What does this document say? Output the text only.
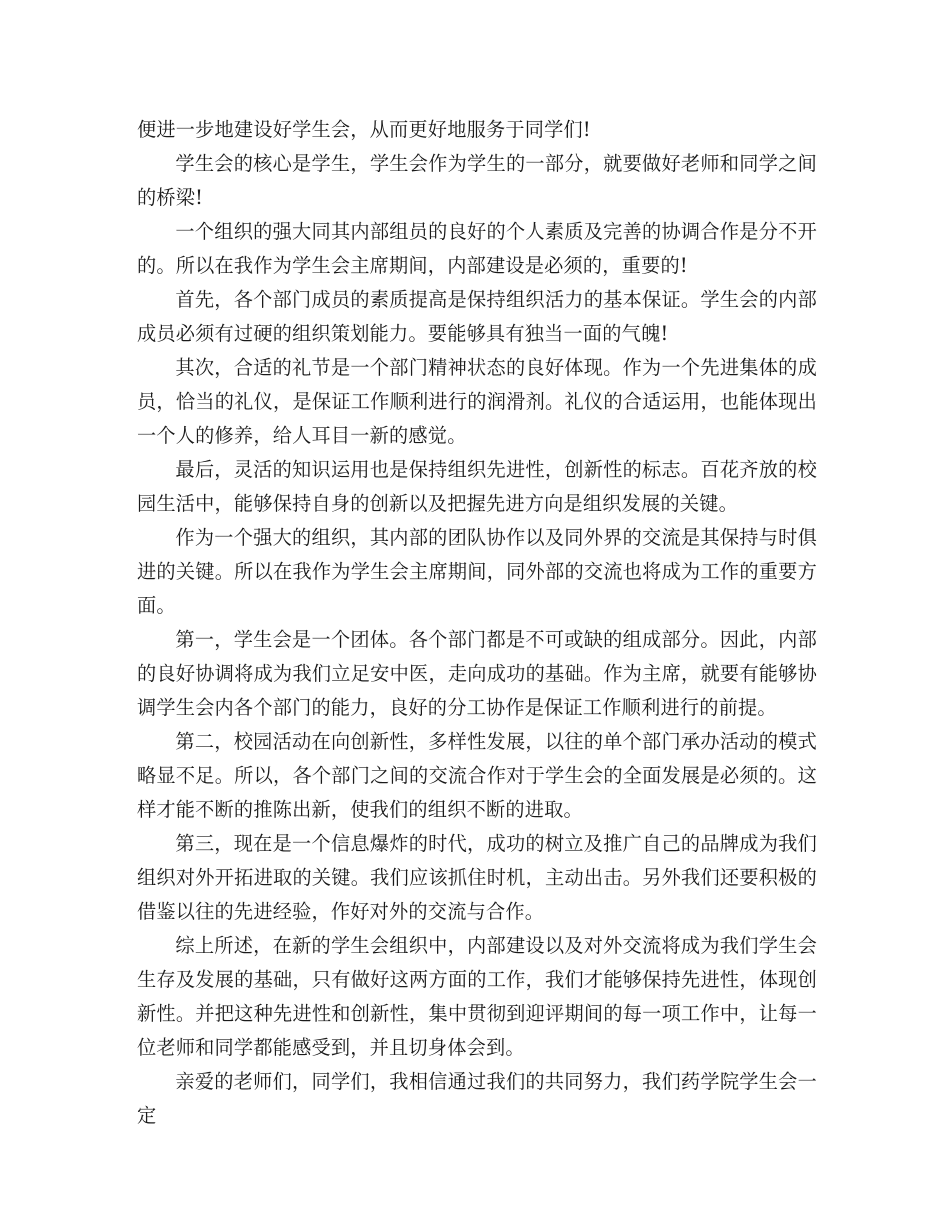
便进一步地建设好学生会，从而更好地服务于同学们!

学生会的核心是学生，学生会作为学生的一部分，就要做好老师和同学之间的桥梁!

一个组织的强大同其内部组员的良好的个人素质及完善的协调合作是分不开的。所以在我作为学生会主席期间，内部建设是必须的，重要的!

首先，各个部门成员的素质提高是保持组织活力的基本保证。学生会的内部成员必须有过硬的组织策划能力。要能够具有独当一面的气魄!

其次，合适的礼节是一个部门精神状态的良好体现。作为一个先进集体的成员，恰当的礼仪，是保证工作顺利进行的润滑剂。礼仪的合适运用，也能体现出一个人的修养，给人耳目一新的感觉。

最后，灵活的知识运用也是保持组织先进性，创新性的标志。百花齐放的校园生活中，能够保持自身的创新以及把握先进方向是组织发展的关键。

作为一个强大的组织，其内部的团队协作以及同外界的交流是其保持与时俱进的关键。所以在我作为学生会主席期间，同外部的交流也将成为工作的重要方面。

第一，学生会是一个团体。各个部门都是不可或缺的组成部分。因此，内部的良好协调将成为我们立足安中医，走向成功的基础。作为主席，就要有能够协调学生会内各个部门的能力，良好的分工协作是保证工作顺利进行的前提。

第二，校园活动在向创新性，多样性发展，以往的单个部门承办活动的模式略显不足。所以，各个部门之间的交流合作对于学生会的全面发展是必须的。这样才能不断的推陈出新，使我们的组织不断的进取。

第三，现在是一个信息爆炸的时代，成功的树立及推广自己的品牌成为我们组织对外开拓进取的关键。我们应该抓住时机，主动出击。另外我们还要积极的借鉴以往的先进经验，作好对外的交流与合作。

综上所述，在新的学生会组织中，内部建设以及对外交流将成为我们学生会生存及发展的基础，只有做好这两方面的工作，我们才能够保持先进性，体现创新性。并把这种先进性和创新性，集中贯彻到迎评期间的每一项工作中，让每一位老师和同学都能感受到，并且切身体会到。

亲爱的老师们，同学们，我相信通过我们的共同努力，我们药学院学生会一定
